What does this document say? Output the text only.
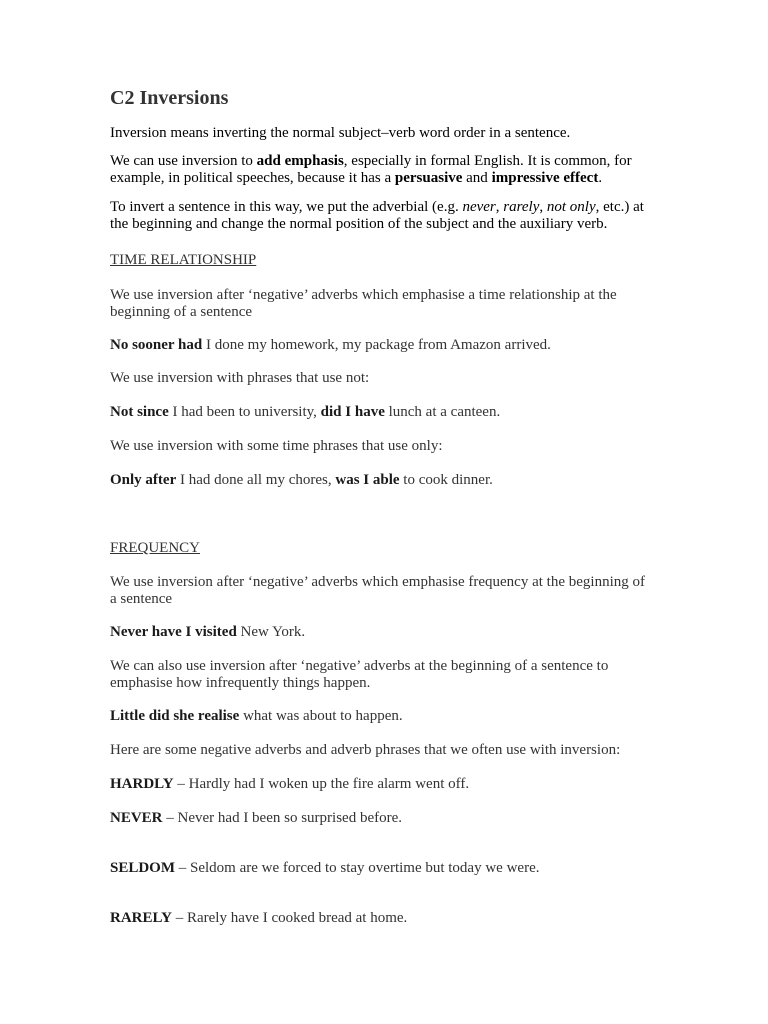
C2 Inversions

Inversion means inverting the normal subject–verb word order in a sentence.

We can use inversion to add emphasis, especially in formal English. It is common, for example, in political speeches, because it has a persuasive and impressive effect.

To invert a sentence in this way, we put the adverbial (e.g. never, rarely, not only, etc.) at the beginning and change the normal position of the subject and the auxiliary verb.

TIME RELATIONSHIP

We use inversion after ‘negative’ adverbs which emphasise a time relationship at the beginning of a sentence

No sooner had I done my homework, my package from Amazon arrived.

We use inversion with phrases that use not:

Not since I had been to university, did I have lunch at a canteen.

We use inversion with some time phrases that use only:

Only after I had done all my chores, was I able to cook dinner.

FREQUENCY

We use inversion after ‘negative’ adverbs which emphasise frequency at the beginning of a sentence

Never have I visited New York.

We can also use inversion after ‘negative’ adverbs at the beginning of a sentence to emphasise how infrequently things happen.

Little did she realise what was about to happen.

Here are some negative adverbs and adverb phrases that we often use with inversion:

HARDLY – Hardly had I woken up the fire alarm went off.

NEVER – Never had I been so surprised before.

SELDOM – Seldom are we forced to stay overtime but today we were.

RARELY – Rarely have I cooked bread at home.
